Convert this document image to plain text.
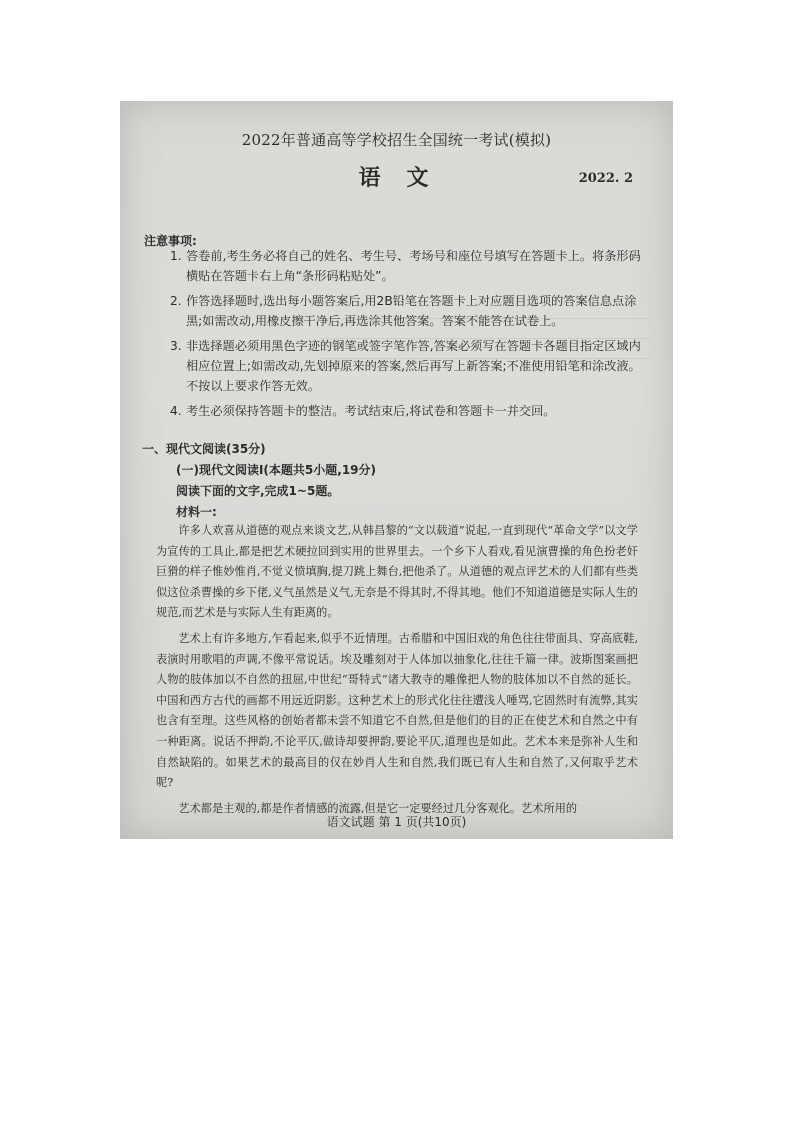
2022年普通高等学校招生全国统一考试(模拟)
语文	2022. 2
注意事项:
1. 答卷前,考生务必将自己的姓名、考生号、考场号和座位号填写在答题卡上。将条形码横贴在答题卡右上角“条形码粘贴处”。
2. 作答选择题时,选出每小题答案后,用2B铅笔在答题卡上对应题目选项的答案信息点涂黑;如需改动,用橡皮擦干净后,再选涂其他答案。答案不能答在试卷上。
3. 非选择题必须用黑色字迹的钢笔或签字笔作答,答案必须写在答题卡各题目指定区域内相应位置上;如需改动,先划掉原来的答案,然后再写上新答案;不准使用铅笔和涂改液。不按以上要求作答无效。
4. 考生必须保持答题卡的整洁。考试结束后,将试卷和答题卡一并交回。
一、现代文阅读(35分)
(一)现代文阅读Ⅰ(本题共5小题,19分)
阅读下面的文字,完成1~5题。
材料一:

许多人欢喜从道德的观点来谈文艺,从韩昌黎的“文以载道”说起,一直到现代“革命文学”以文学为宣传的工具止,都是把艺术硬拉回到实用的世界里去。一个乡下人看戏,看见演曹操的角色扮老奸巨猾的样子惟妙惟肖,不觉义愤填胸,提刀跳上舞台,把他杀了。从道德的观点评艺术的人们都有些类似这位杀曹操的乡下佬,义气虽然是义气,无奈是不得其时,不得其地。他们不知道道德是实际人生的规范,而艺术是与实际人生有距离的。

艺术上有许多地方,乍看起来,似乎不近情理。古希腊和中国旧戏的角色往往带面具、穿高底鞋,表演时用歌唱的声调,不像平常说话。埃及雕刻对于人体加以抽象化,往往千篇一律。波斯图案画把人物的肢体加以不自然的扭屈,中世纪“哥特式”诸大教寺的雕像把人物的肢体加以不自然的延长。中国和西方古代的画都不用远近阴影。这种艺术上的形式化往往遭浅人唾骂,它固然时有流弊,其实也含有至理。这些风格的创始者都未尝不知道它不自然,但是他们的目的正在使艺术和自然之中有一种距离。说话不押韵,不论平仄,做诗却要押韵,要论平仄,道理也是如此。艺术本来是弥补人生和自然缺陷的。如果艺术的最高目的仅在妙肖人生和自然,我们既已有人生和自然了,又何取乎艺术呢?

艺术都是主观的,都是作者情感的流露,但是它一定要经过几分客观化。艺术所用的

语文试题 第 1 页(共10页)
